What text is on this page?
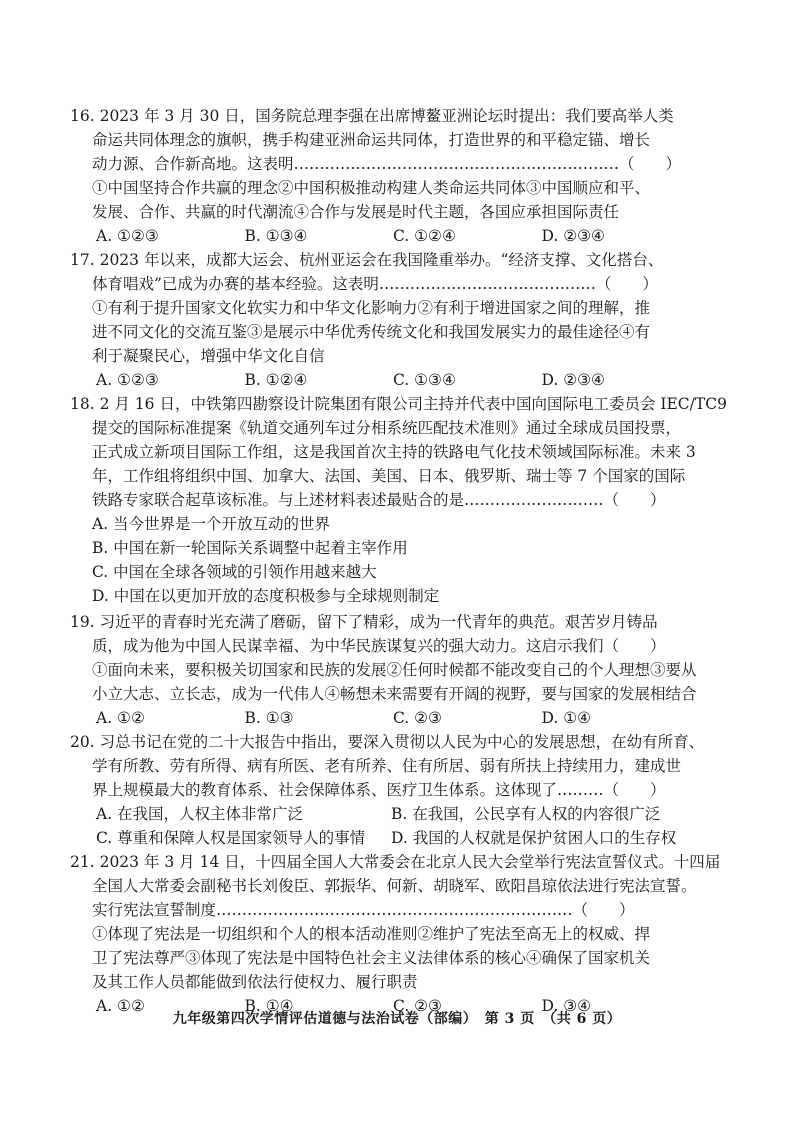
16. 2023 年 3 月 30 日，国务院总理李强在出席博鳌亚洲论坛时提出：我们要高举人类
命运共同体理念的旗帜，携手构建亚洲命运共同体，打造世界的和平稳定锚、增长
动力源、合作新高地。这表明………………………………………………………（　　）
①中国坚持合作共赢的理念②中国积极推动构建人类命运共同体③中国顺应和平、
发展、合作、共赢的时代潮流④合作与发展是时代主题，各国应承担国际责任
A. ①②③	B. ①③④	C. ①②④	D. ②③④
17. 2023 年以来，成都大运会、杭州亚运会在我国隆重举办。“经济支撑、文化搭台、
体育唱戏”已成为办赛的基本经验。这表明……………………………………（　　）
①有利于提升国家文化软实力和中华文化影响力②有利于增进国家之间的理解，推
进不同文化的交流互鉴③是展示中华优秀传统文化和我国发展实力的最佳途径④有
利于凝聚民心，增强中华文化自信
A. ①②③	B. ①②④	C. ①③④	D. ②③④
18. 2 月 16 日，中铁第四勘察设计院集团有限公司主持并代表中国向国际电工委员会 IEC/TC9
提交的国际标准提案《轨道交通列车过分相系统匹配技术准则》通过全球成员国投票，
正式成立新项目国际工作组，这是我国首次主持的铁路电气化技术领域国际标准。未来 3
年，工作组将组织中国、加拿大、法国、美国、日本、俄罗斯、瑞士等 7 个国家的国际
铁路专家联合起草该标准。与上述材料表述最贴合的是………………………（　　）
A. 当今世界是一个开放互动的世界
B. 中国在新一轮国际关系调整中起着主宰作用
C. 中国在全球各领域的引领作用越来越大
D. 中国在以更加开放的态度积极参与全球规则制定
19. 习近平的青春时光充满了磨砺，留下了精彩，成为一代青年的典范。艰苦岁月铸品
质，成为他为中国人民谋幸福、为中华民族谋复兴的强大动力。这启示我们（　　）
①面向未来，要积极关切国家和民族的发展②任何时候都不能改变自己的个人理想③要从
小立大志、立长志，成为一代伟人④畅想未来需要有开阔的视野，要与国家的发展相结合
A. ①②	B. ①③	C. ②③	D. ①④
20. 习总书记在党的二十大报告中指出，要深入贯彻以人民为中心的发展思想，在幼有所育、
学有所教、劳有所得、病有所医、老有所养、住有所居、弱有所扶上持续用力，建成世
界上规模最大的教育体系、社会保障体系、医疗卫生体系。这体现了………（　　）
A. 在我国，人权主体非常广泛	B. 在我国，公民享有人权的内容很广泛
C. 尊重和保障人权是国家领导人的事情	D. 我国的人权就是保护贫困人口的生存权
21. 2023 年 3 月 14 日，十四届全国人大常委会在北京人民大会堂举行宪法宣誓仪式。十四届
全国人大常委会副秘书长刘俊臣、郭振华、何新、胡晓军、欧阳昌琼依法进行宪法宣誓。
实行宪法宣誓制度……………………………………………………………（　　）
①体现了宪法是一切组织和个人的根本活动准则②维护了宪法至高无上的权威、捍
卫了宪法尊严③体现了宪法是中国特色社会主义法律体系的核心④确保了国家机关
及其工作人员都能做到依法行使权力、履行职责
A. ①②	B. ①④	C. ②③	D. ③④
九年级第四次学情评估道德与法治试卷（部编）　第 3 页　（共 6 页）
